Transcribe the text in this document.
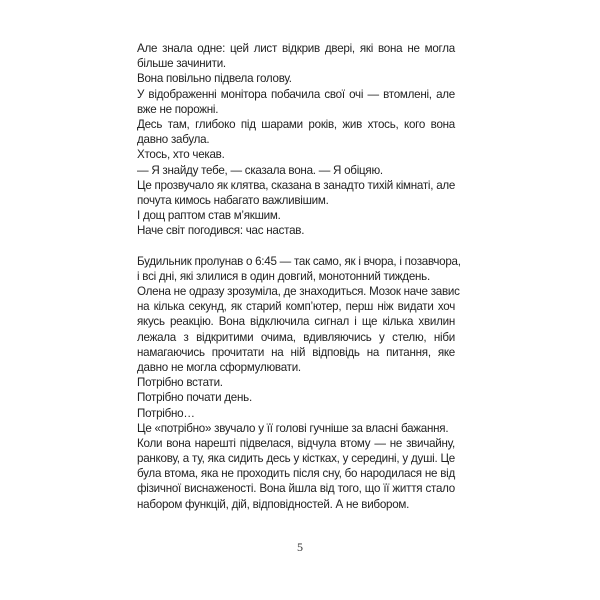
Але знала одне: цей лист відкрив двері, які вона не могла
більше зачинити.
Вона повільно підвела голову.
У відображенні монітора побачила свої очі — втомлені, але
вже не порожні.
Десь там, глибоко під шарами років, жив хтось, кого вона
давно забула.
Хтось, хто чекав.
— Я знайду тебе, — сказала вона. — Я обіцяю.
Це прозвучало як клятва, сказана в занадто тихій кімнаті, але
почута кимось набагато важливішим.
І дощ раптом став м’якшим.
Наче світ погодився: час настав.
Будильник пролунав о 6:45 — так само, як і вчора, і позавчора,
і всі дні, які злилися в один довгий, монотонний тиждень.
Олена не одразу зрозуміла, де знаходиться. Мозок наче завис
на кілька секунд, як старий комп’ютер, перш ніж видати хоч
якусь реакцію. Вона відключила сигнал і ще кілька хвилин
лежала з відкритими очима, вдивляючись у стелю, ніби
намагаючись прочитати на ній відповідь на питання, яке
давно не могла сформулювати.
Потрібно встати.
Потрібно почати день.
Потрібно…
Це «потрібно» звучало у її голові гучніше за власні бажання.
Коли вона нарешті підвелася, відчула втому — не звичайну,
ранкову, а ту, яка сидить десь у кістках, у середині, у душі. Це
була втома, яка не проходить після сну, бо народилася не від
фізичної виснаженості. Вона йшла від того, що її життя стало
набором функцій, дій, відповідностей. А не вибором.
5
